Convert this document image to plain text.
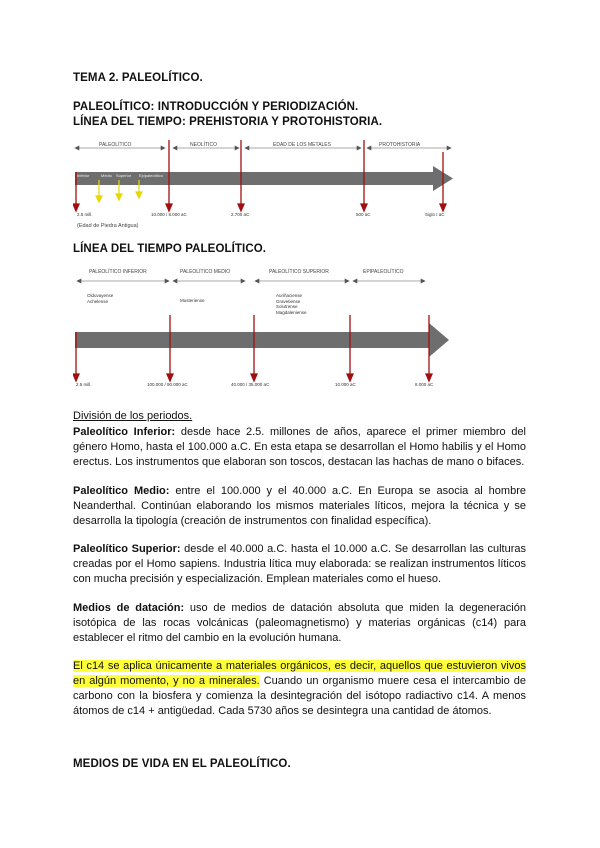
TEMA 2. PALEOLÍTICO.
PALEOLÍTICO: INTRODUCCIÓN Y PERIODIZACIÓN.
LÍNEA DEL TIEMPO: PREHISTORIA Y PROTOHISTORIA.
PALEOLÍTICO	NEOLÍTICO	EDAD DE LOS METALES	PROTOHISTORIA
Inferior	Medio Superior Epipaleolítico
2.5 mill.	10.000 / 8.000 aC	2.700 aC	500 aC	Siglo I aC
(Edad de Piedra Antigua)
LÍNEA DEL TIEMPO PALEOLÍTICO.
PALEOLÍTICO INFERIOR	PALEOLÍTICO MEDIO	PALEOLÍTICO SUPERIOR	EPIPALEOLÍTICO
Olduvayense
Achelense	Musteriense
Auriñaciense
Gravetiense
Solutrense
Magdaleniense
2.5 mill.	100.000 / 90.000 aC	40.000 / 35.000 aC	10.000 aC	8.000 aC
División de los periodos.
Paleolítico Inferior: desde hace 2.5. millones de años, aparece el primer miembro del género Homo, hasta el 100.000 a.C. En esta etapa se desarrollan el Homo habilis y el Homo erectus. Los instrumentos que elaboran son toscos, destacan las hachas de mano o bifaces.
Paleolítico Medio: entre el 100.000 y el 40.000 a.C. En Europa se asocia al hombre Neanderthal. Continúan elaborando los mismos materiales líticos, mejora la técnica y se desarrolla la tipología (creación de instrumentos con finalidad específica).
Paleolítico Superior: desde el 40.000 a.C. hasta el 10.000 a.C. Se desarrollan las culturas creadas por el Homo sapiens. Industria lítica muy elaborada: se realizan instrumentos líticos con mucha precisión y especialización. Emplean materiales como el hueso.
Medios de datación: uso de medios de datación absoluta que miden la degeneración isotópica de las rocas volcánicas (paleomagnetismo) y materias orgánicas (c14) para establecer el ritmo del cambio en la evolución humana.
El c14 se aplica únicamente a materiales orgánicos, es decir, aquellos que estuvieron vivos en algún momento, y no a minerales. Cuando un organismo muere cesa el intercambio de carbono con la biosfera y comienza la desintegración del isótopo radiactivo c14. A menos átomos de c14 + antigüedad. Cada 5730 años se desintegra una cantidad de átomos.
MEDIOS DE VIDA EN EL PALEOLÍTICO.
